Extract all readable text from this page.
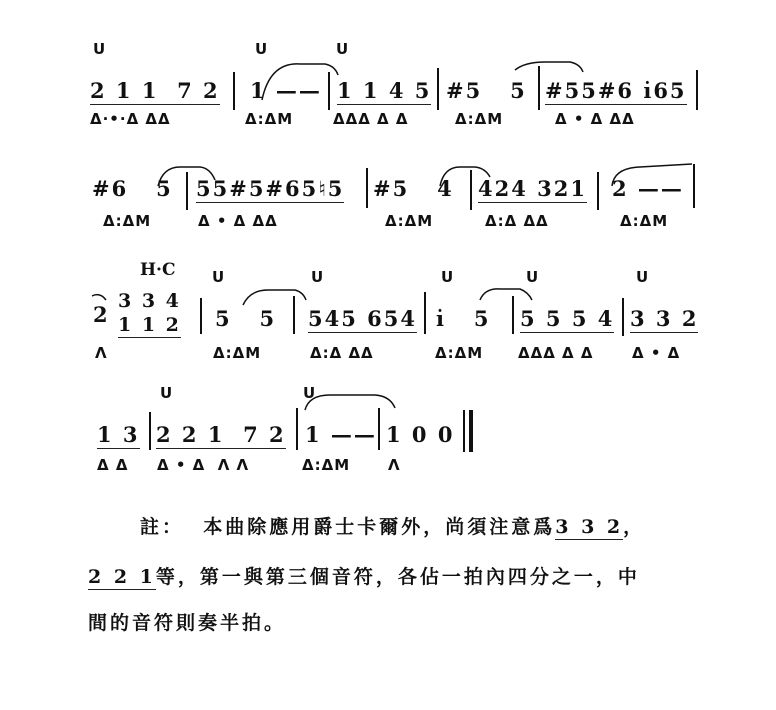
U	U	U
2 1 1  7 2
Δ·•·Δ ΔΔ
1 ——
Δ:ΔΜ
1 1 4 5
ΔΔΔ Δ Δ
#5   5
Δ:ΔΜ
#55#6 i̇65
Δ • Δ ΔΔ
#6   5
Δ:ΔΜ
55#5#65♮5
Δ • Δ ΔΔ
#5   4
Δ:ΔΜ
424 321
Δ:Δ ΔΔ
2 ——
Δ:ΔΜ
H·C U	U	U	U	U
2
3 3 4
1 1 2
Λ
5   5
Δ:ΔΜ
545 654
Δ:Δ ΔΔ
i̇   5
Δ:ΔΜ
5 5 5 4
ΔΔΔ Δ Δ
3 3 2
Δ • Δ
U	U
1 3
Δ Δ
2 2 1  7 2
Δ • Δ  Λ Λ
1 ——
Δ:ΔΜ
1 0 0
Λ
註：  本曲除應用爵士卡爾外，尚須注意爲3 3 2，
2 2 1等，第一與第三個音符，各佔一拍內四分之一，中
間的音符則奏半拍。
